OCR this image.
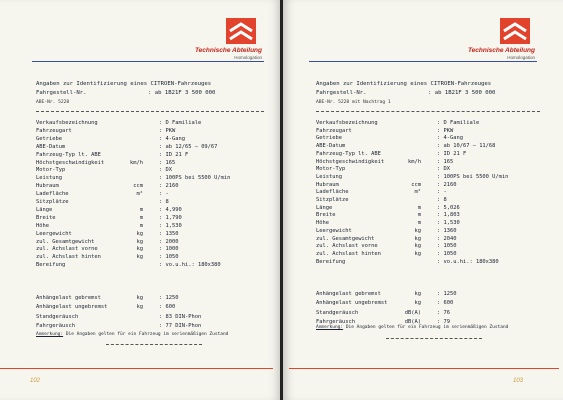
Technische Abteilung
Homologation
Angaben zur Identifizierung eines CITROEN-Fahrzeuges
Fahrgestell-Nr.	: ab 1B21F 3 500 000
ABE-Nr. 5228
Verkaufsbezeichnung	: D Familiale
Fahrzeugart	: PKW
Getriebe	: 4-Gang
ABE-Datum	: ab 12/65 – 09/67
Fahrzeug-Typ lt. ABE	: ID 21 F
Höchstgeschwindigkeit	km/h	: 165
Motor-Typ	: DX
Leistung	: 100PS bei 5500 U/min
Hubraum	ccm	: 2160
Ladefläche	m²	: -
Sitzplätze	: 8
Länge	m	: 4,990
Breite	m	: 1,790
Höhe	m	: 1,530
Leergewicht	kg	: 1350
zul. Gesamtgewicht	kg	: 2000
zul. Achslast vorne	kg	: 1000
zul. Achslast hinten	kg	: 1050
Bereifung	: vo.u.hi.: 180x380
Anhängelast gebremst	kg	: 1250
Anhängelast ungebremst	kg	: 600
Standgeräusch	: 83 DIN-Phon
Fahrgeräusch	: 77 DIN-Phon
Anmerkung: Die Angaben gelten für ein Fahrzeug im serienmäßigen Zustand
102
Technische Abteilung
Homologation
Angaben zur Identifizierung eines CITROEN-Fahrzeuges
Fahrgestell-Nr.	: ab 1B21F 3 500 000
ABE-Nr. 5228 mit Nachtrag 1
Verkaufsbezeichnung	: D Familiale
Fahrzeugart	: PKW
Getriebe	: 4-Gang
ABE-Datum	: ab 10/67 – 11/68
Fahrzeug-Typ lt. ABE	: ID 21 F
Höchstgeschwindigkeit	km/h	: 165
Motor-Typ	: DX
Leistung	: 100PS bei 5500 U/min
Hubraum	ccm	: 2160
Ladefläche	m²	: -
Sitzplätze	: 8
Länge	m	: 5,026
Breite	m	: 1,803
Höhe	m	: 1,530
Leergewicht	kg	: 1360
zul. Gesamtgewicht	kg	: 2040
zul. Achslast vorne	kg	: 1050
zul. Achslast hinten	kg	: 1050
Bereifung	: vo.u.hi.: 180x380
Anhängelast gebremst	kg	: 1250
Anhängelast ungebremst	kg	: 600
Standgeräusch	dB(A)	: 76
Fahrgeräusch	dB(A)	: 79
Anmerkung: Die Angaben gelten für ein Fahrzeug im serienmäßigen Zustand
103
